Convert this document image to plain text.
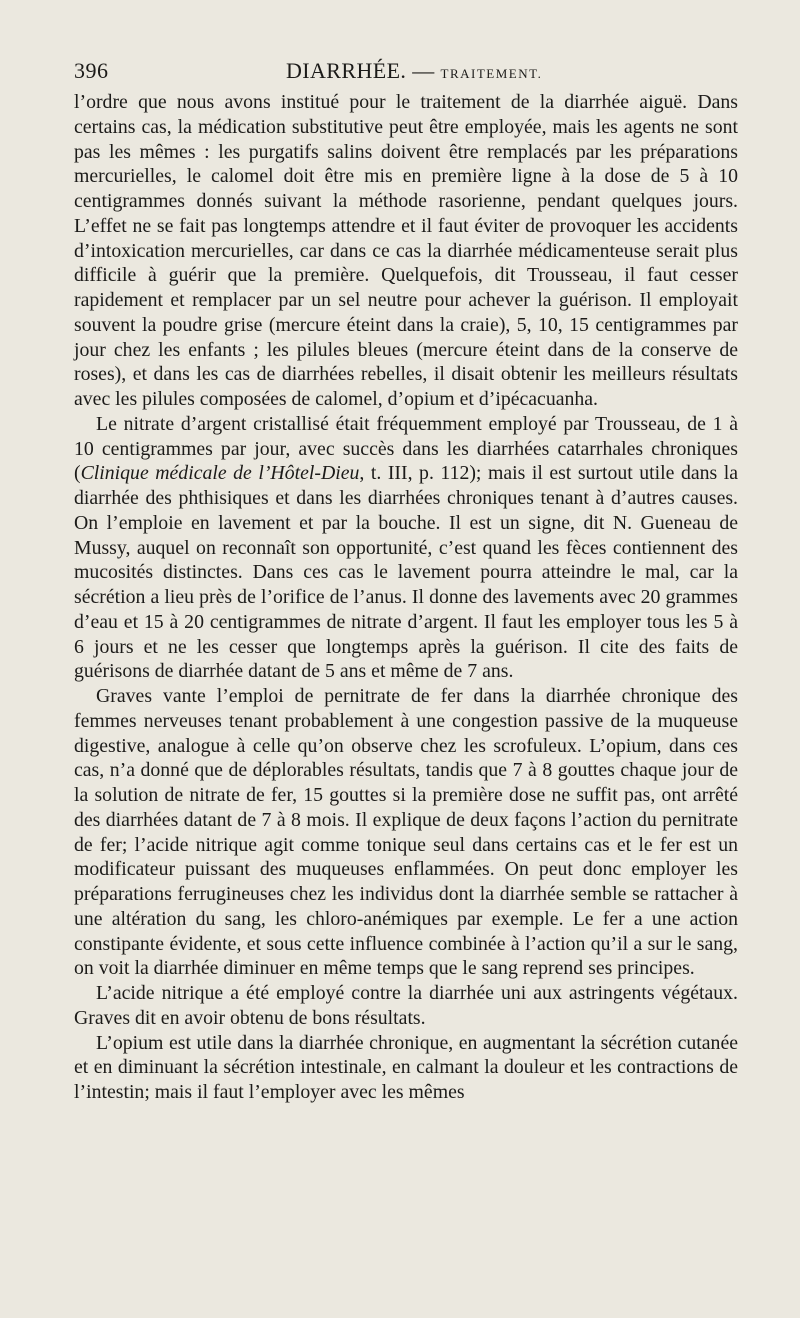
396	DIARRHÉE. — TRAITEMENT.

l’ordre que nous avons institué pour le traitement de la diarrhée aiguë. Dans certains cas, la médication substitutive peut être employée, mais les agents ne sont pas les mêmes : les purgatifs salins doivent être remplacés par les préparations mercurielles, le calomel doit être mis en première ligne à la dose de 5 à 10 centigrammes donnés suivant la méthode rasorienne, pendant quelques jours. L’effet ne se fait pas longtemps attendre et il faut éviter de provoquer les accidents d’intoxication mercurielles, car dans ce cas la diarrhée médicamenteuse serait plus difficile à guérir que la première. Quelquefois, dit Trousseau, il faut cesser rapidement et remplacer par un sel neutre pour achever la guérison. Il employait souvent la poudre grise (mercure éteint dans la craie), 5, 10, 15 centigrammes par jour chez les enfants ; les pilules bleues (mercure éteint dans de la conserve de roses), et dans les cas de diarrhées rebelles, il disait obtenir les meilleurs résultats avec les pilules composées de calomel, d’opium et d’ipécacuanha.

Le nitrate d’argent cristallisé était fréquemment employé par Trousseau, de 1 à 10 centigrammes par jour, avec succès dans les diarrhées catarrhales chroniques (Clinique médicale de l’Hôtel-Dieu, t. III, p. 112); mais il est surtout utile dans la diarrhée des phthisiques et dans les diarrhées chroniques tenant à d’autres causes. On l’emploie en lavement et par la bouche. Il est un signe, dit N. Gueneau de Mussy, auquel on reconnaît son opportunité, c’est quand les fèces contiennent des mucosités distinctes. Dans ces cas le lavement pourra atteindre le mal, car la sécrétion a lieu près de l’orifice de l’anus. Il donne des lavements avec 20 grammes d’eau et 15 à 20 centigrammes de nitrate d’argent. Il faut les employer tous les 5 à 6 jours et ne les cesser que longtemps après la guérison. Il cite des faits de guérisons de diarrhée datant de 5 ans et même de 7 ans.

Graves vante l’emploi de pernitrate de fer dans la diarrhée chronique des femmes nerveuses tenant probablement à une congestion passive de la muqueuse digestive, analogue à celle qu’on observe chez les scrofuleux. L’opium, dans ces cas, n’a donné que de déplorables résultats, tandis que 7 à 8 gouttes chaque jour de la solution de nitrate de fer, 15 gouttes si la première dose ne suffit pas, ont arrêté des diarrhées datant de 7 à 8 mois. Il explique de deux façons l’action du pernitrate de fer; l’acide nitrique agit comme tonique seul dans certains cas et le fer est un modificateur puissant des muqueuses enflammées. On peut donc employer les préparations ferrugineuses chez les individus dont la diarrhée semble se rattacher à une altération du sang, les chloro-anémiques par exemple. Le fer a une action constipante évidente, et sous cette influence combinée à l’action qu’il a sur le sang, on voit la diarrhée diminuer en même temps que le sang reprend ses principes.

L’acide nitrique a été employé contre la diarrhée uni aux astringents végétaux. Graves dit en avoir obtenu de bons résultats.

L’opium est utile dans la diarrhée chronique, en augmentant la sécrétion cutanée et en diminuant la sécrétion intestinale, en calmant la douleur et les contractions de l’intestin; mais il faut l’employer avec les mêmes
